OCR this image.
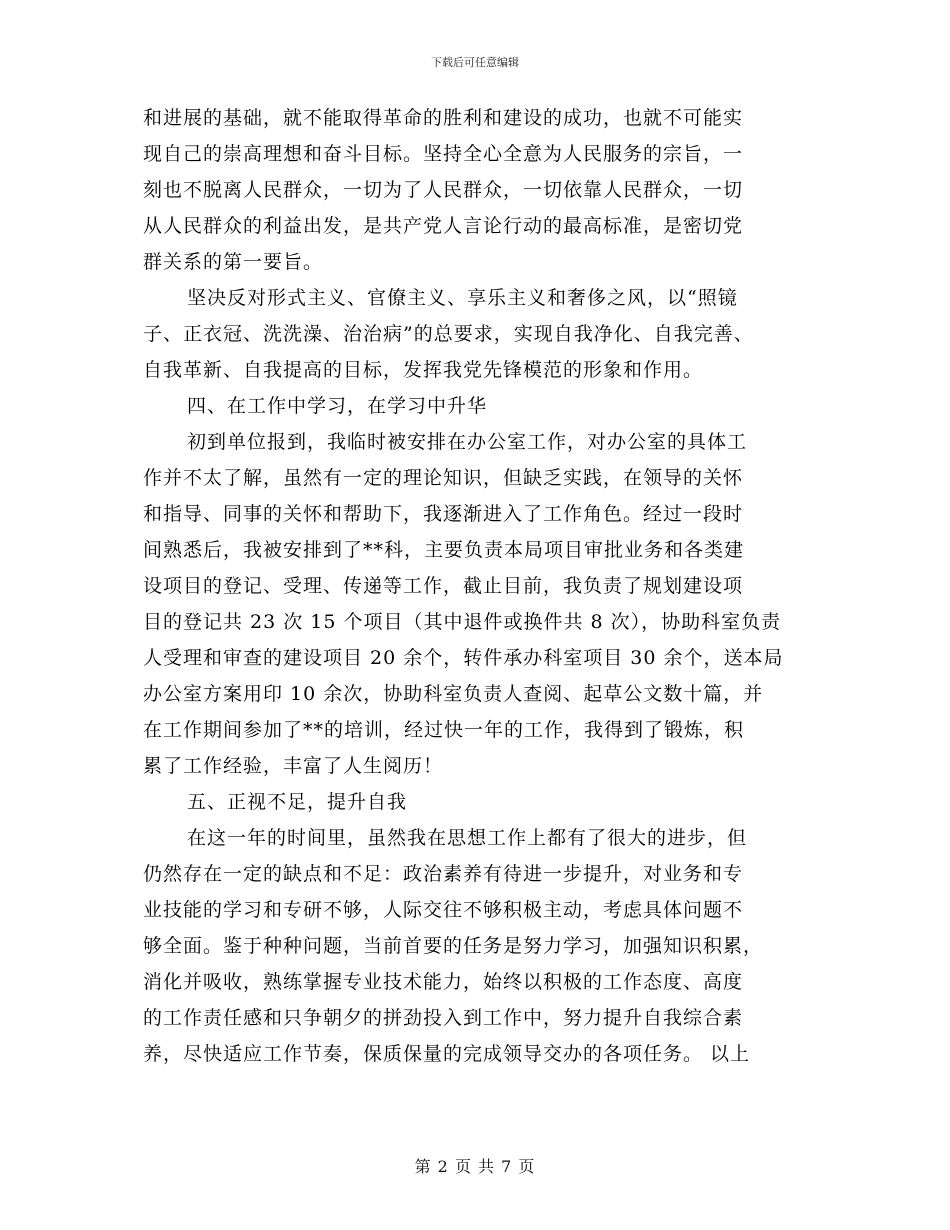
下载后可任意编辑
和进展的基础，就不能取得革命的胜利和建设的成功，也就不可能实
现自己的崇高理想和奋斗目标。坚持全心全意为人民服务的宗旨，一
刻也不脱离人民群众，一切为了人民群众，一切依靠人民群众，一切
从人民群众的利益出发，是共产党人言论行动的最高标准，是密切党
群关系的第一要旨。
坚决反对形式主义、官僚主义、享乐主义和奢侈之风，以“照镜
子、正衣冠、洗洗澡、治治病”的总要求，实现自我净化、自我完善、
自我革新、自我提高的目标，发挥我党先锋模范的形象和作用。
四、在工作中学习，在学习中升华
初到单位报到，我临时被安排在办公室工作，对办公室的具体工
作并不太了解，虽然有一定的理论知识，但缺乏实践，在领导的关怀
和指导、同事的关怀和帮助下，我逐渐进入了工作角色。经过一段时
间熟悉后，我被安排到了**科，主要负责本局项目审批业务和各类建
设项目的登记、受理、传递等工作，截止目前，我负责了规划建设项
目的登记共 23 次 15 个项目（其中退件或换件共 8 次），协助科室负责
人受理和审查的建设项目 20 余个，转件承办科室项目 30 余个，送本局
办公室方案用印 10 余次，协助科室负责人查阅、起草公文数十篇，并
在工作期间参加了**的培训，经过快一年的工作，我得到了锻炼，积
累了工作经验，丰富了人生阅历！
五、正视不足，提升自我
在这一年的时间里，虽然我在思想工作上都有了很大的进步，但
仍然存在一定的缺点和不足：政治素养有待进一步提升，对业务和专
业技能的学习和专研不够，人际交往不够积极主动，考虑具体问题不
够全面。鉴于种种问题，当前首要的任务是努力学习，加强知识积累，
消化并吸收，熟练掌握专业技术能力，始终以积极的工作态度、高度
的工作责任感和只争朝夕的拼劲投入到工作中，努力提升自我综合素
养，尽快适应工作节奏，保质保量的完成领导交办的各项任务。 以上
第 2 页 共 7 页
